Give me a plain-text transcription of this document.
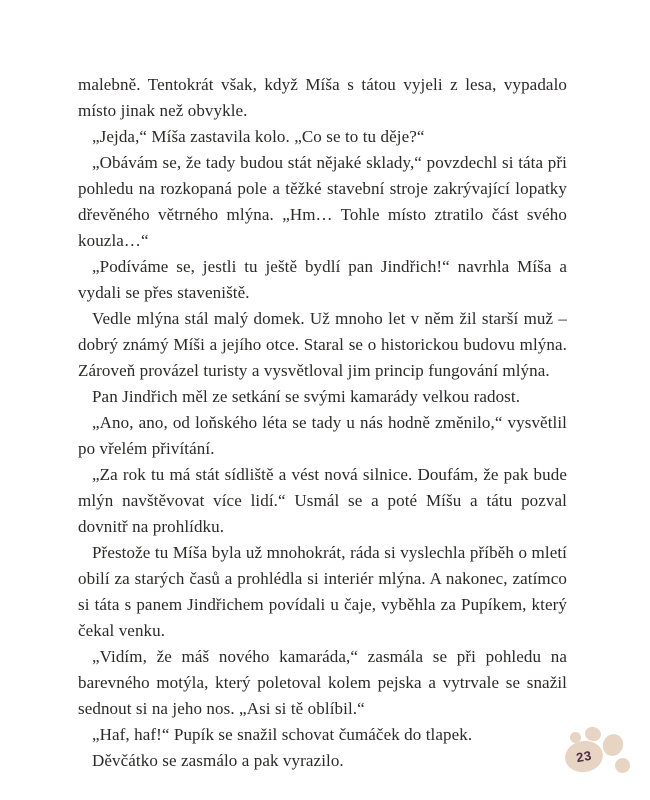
malebně. Tentokrát však, když Míša s tátou vyjeli z lesa, vypadalo místo jinak než obvykle.

„Jejda,“ Míša zastavila kolo. „Co se to tu děje?“

„Obávám se, že tady budou stát nějaké sklady,“ povzdechl si táta při pohledu na rozkopaná pole a těžké stavební stroje zakrývající lopatky dřevěného větrného mlýna. „Hm… Tohle místo ztratilo část svého kouzla…“

„Podíváme se, jestli tu ještě bydlí pan Jindřich!“ navrhla Míša a vydali se přes staveniště.

Vedle mlýna stál malý domek. Už mnoho let v něm žil starší muž – dobrý známý Míši a jejího otce. Staral se o historickou budovu mlýna. Zároveň provázel turisty a vysvětloval jim princip fungování mlýna.

Pan Jindřich měl ze setkání se svými kamarády velkou radost.

„Ano, ano, od loňského léta se tady u nás hodně změnilo,“ vysvětlil po vřelém přivítání.

„Za rok tu má stát sídliště a vést nová silnice. Doufám, že pak bude mlýn navštěvovat více lidí.“ Usmál se a poté Míšu a tátu pozval dovnitř na prohlídku.

Přestože tu Míša byla už mnohokrát, ráda si vyslechla příběh o mletí obilí za starých časů a prohlédla si interiér mlýna. A nakonec, zatímco si táta s panem Jindřichem povídali u čaje, vyběhla za Pupíkem, který čekal venku.

„Vidím, že máš nového kamaráda,“ zasmála se při pohledu na barevného motýla, který poletoval kolem pejska a vytrvale se snažil sednout si na jeho nos. „Asi si tě oblíbil.“

„Haf, haf!“ Pupík se snažil schovat čumáček do tlapek.

Děvčátko se zasmálo a pak vyrazilo.	23
